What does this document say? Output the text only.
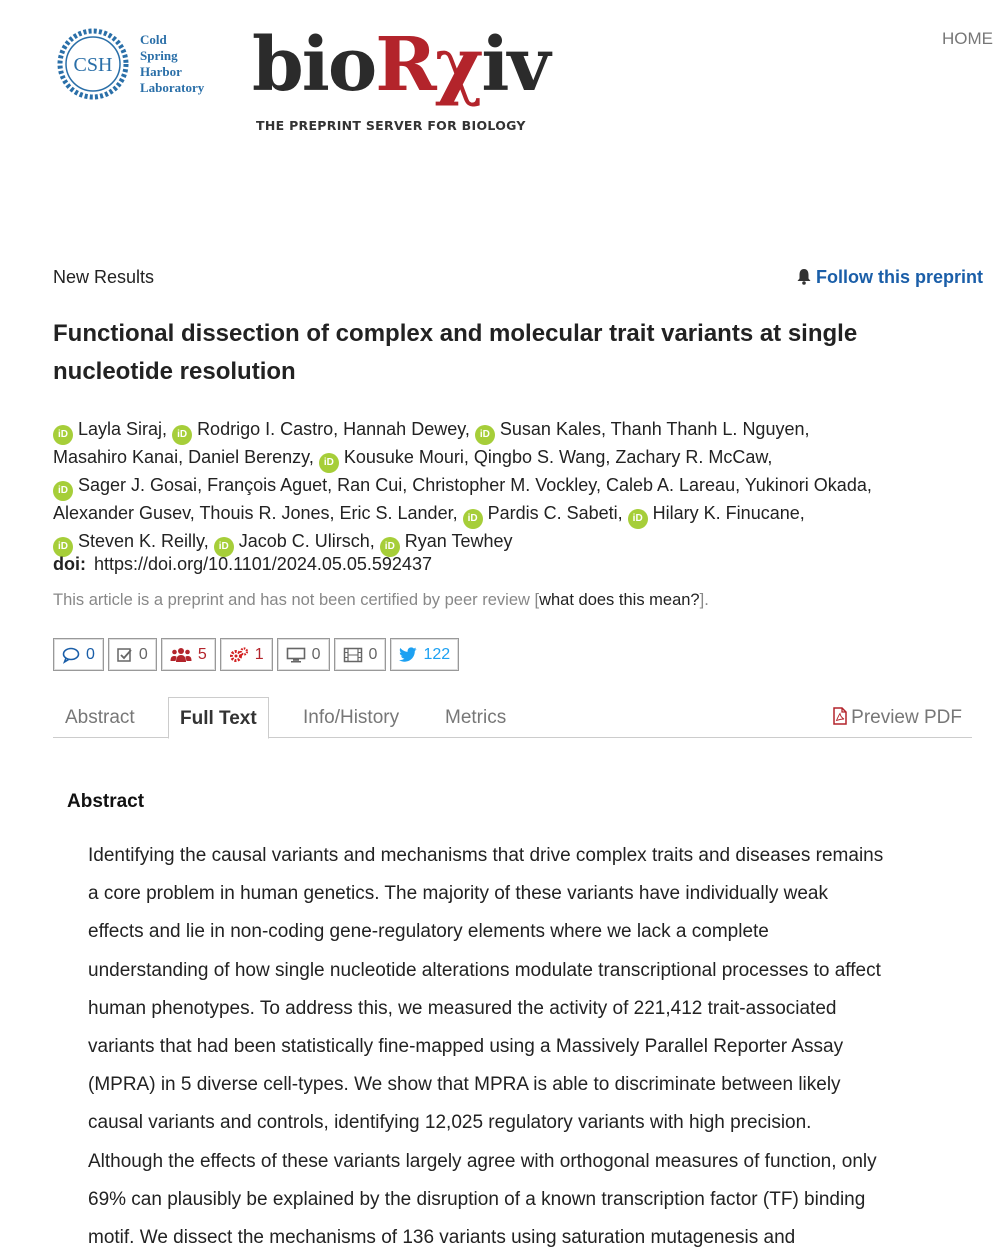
CSH
Cold
Spring
Harbor
Laboratory bioRχiv
THE PREPRINT SERVER FOR BIOLOGY
HOME
New Results	Follow this preprint
Functional dissection of complex and molecular trait variants at single nucleotide resolution
iD Layla Siraj, iD Rodrigo I. Castro, Hannah Dewey, iD Susan Kales, Thanh Thanh L. Nguyen,
Masahiro Kanai, Daniel Berenzy, iD Kousuke Mouri, Qingbo S. Wang, Zachary R. McCaw,
iD Sager J. Gosai, François Aguet, Ran Cui, Christopher M. Vockley, Caleb A. Lareau, Yukinori Okada,
Alexander Gusev, Thouis R. Jones, Eric S. Lander, iD Pardis C. Sabeti, iD Hilary K. Finucane,
iD Steven K. Reilly, iD Jacob C. Ulirsch, iD Ryan Tewhey
doi: https://doi.org/10.1101/2024.05.05.592437
This article is a preprint and has not been certified by peer review [what does this mean?].
0	0	5	1	0	0	122
Abstract	Full Text	Info/History Metrics	Preview PDF
Abstract
Identifying the causal variants and mechanisms that drive complex traits and diseases remains
a core problem in human genetics. The majority of these variants have individually weak
effects and lie in non-coding gene-regulatory elements where we lack a complete
understanding of how single nucleotide alterations modulate transcriptional processes to affect
human phenotypes. To address this, we measured the activity of 221,412 trait-associated
variants that had been statistically fine-mapped using a Massively Parallel Reporter Assay
(MPRA) in 5 diverse cell-types. We show that MPRA is able to discriminate between likely
causal variants and controls, identifying 12,025 regulatory variants with high precision.
Although the effects of these variants largely agree with orthogonal measures of function, only
69% can plausibly be explained by the disruption of a known transcription factor (TF) binding
motif. We dissect the mechanisms of 136 variants using saturation mutagenesis and
